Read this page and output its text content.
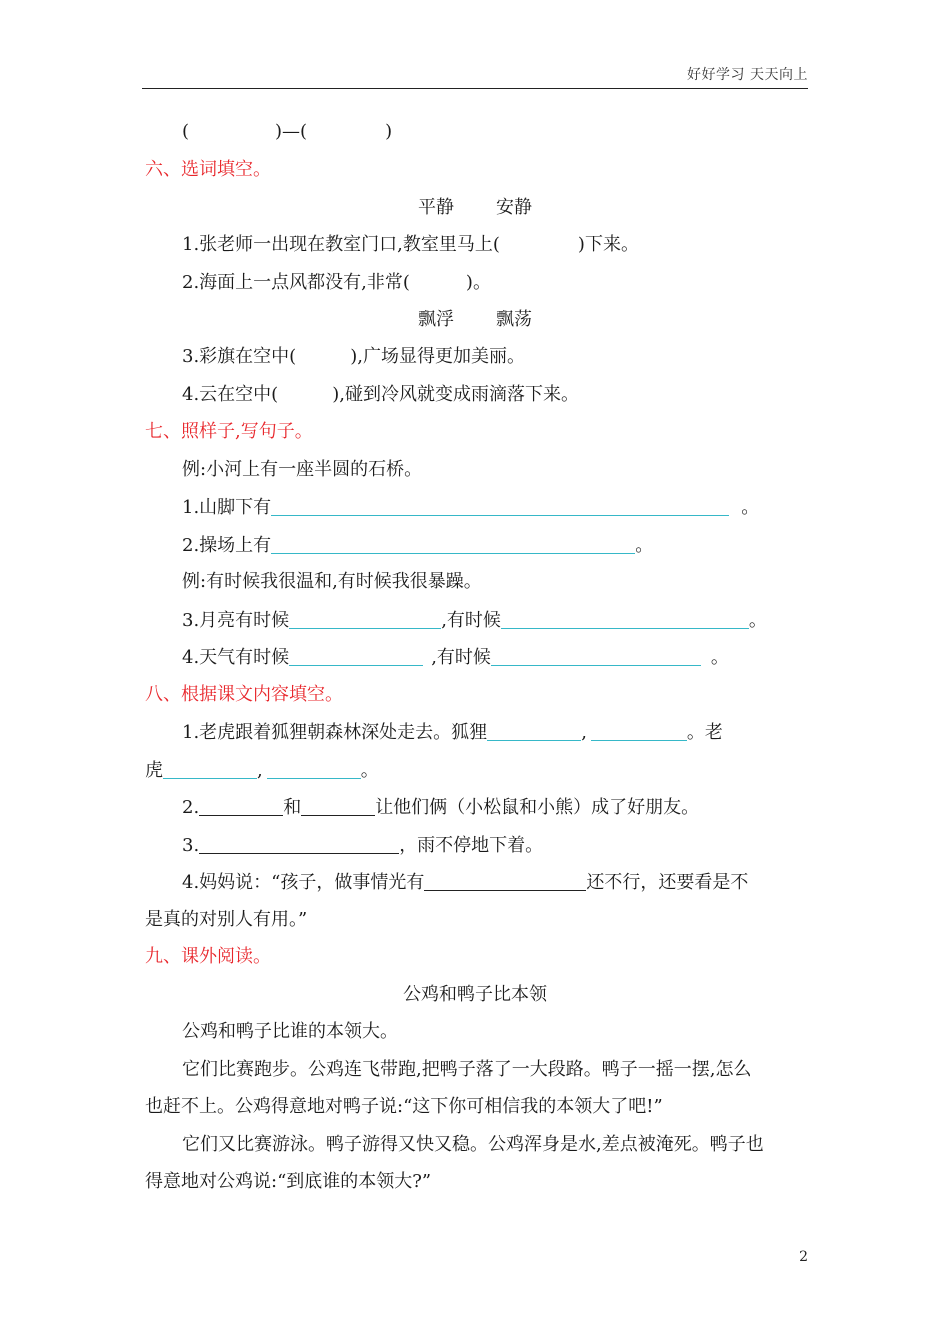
好好学习 天天向上
(	)—(	)
六、选词填空。
平静 安静
1.张老师一出现在教室门口,教室里马上(	)下来。
2.海面上一点风都没有,非常(	)。
飘浮 飘荡
3.彩旗在空中(	),广场显得更加美丽。
4.云在空中(	),碰到冷风就变成雨滴落下来。
七、照样子,写句子。
例:小河上有一座半圆的石桥。
1.山脚下有	。
2.操场上有	。
例:有时候我很温和,有时候我很暴躁。
3.月亮有时候	,有时候	。
4.天气有时候	,有时候	。
八、根据课文内容填空。
1.老虎跟着狐狸朝森林深处走去。狐狸	,	。老
虎	,	。
2.	和	让他们俩（小松鼠和小熊）成了好朋友。
3.	，雨不停地下着。
4.妈妈说：“孩子，做事情光有	还不行，还要看是不
是真的对别人有用。”
九、课外阅读。
公鸡和鸭子比本领
公鸡和鸭子比谁的本领大。
它们比赛跑步。公鸡连飞带跑,把鸭子落了一大段路。鸭子一摇一摆,怎么
也赶不上。公鸡得意地对鸭子说:“这下你可相信我的本领大了吧!”
它们又比赛游泳。鸭子游得又快又稳。公鸡浑身是水,差点被淹死。鸭子也
得意地对公鸡说:“到底谁的本领大?”
2
